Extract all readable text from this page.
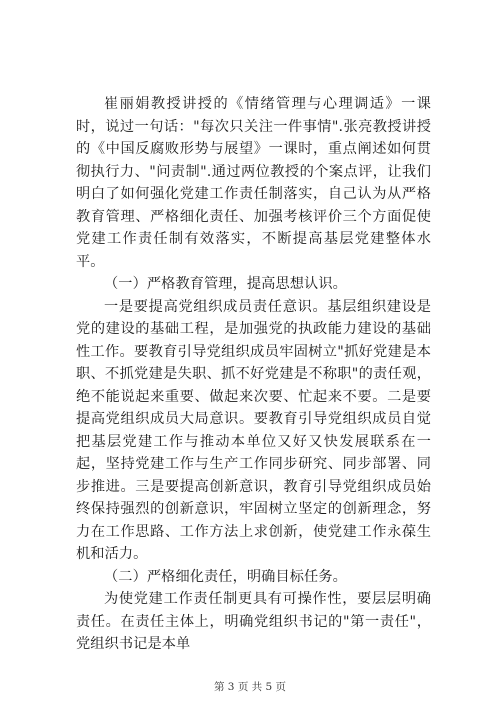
崔丽娟教授讲授的《情绪管理与心理调适》一课时，说过一句话："每次只关注一件事情".张亮教授讲授的《中国反腐败形势与展望》一课时，重点阐述如何贯彻执行力、"问责制".通过两位教授的个案点评，让我们明白了如何强化党建工作责任制落实，自己认为从严格教育管理、严格细化责任、加强考核评价三个方面促使党建工作责任制有效落实，不断提高基层党建整体水平。

（一）严格教育管理，提高思想认识。

一是要提高党组织成员责任意识。基层组织建设是党的建设的基础工程，是加强党的执政能力建设的基础性工作。要教育引导党组织成员牢固树立"抓好党建是本职、不抓党建是失职、抓不好党建是不称职"的责任观，绝不能说起来重要、做起来次要、忙起来不要。二是要提高党组织成员大局意识。要教育引导党组织成员自觉把基层党建工作与推动本单位又好又快发展联系在一起，坚持党建工作与生产工作同步研究、同步部署、同步推进。三是要提高创新意识，教育引导党组织成员始终保持强烈的创新意识，牢固树立坚定的创新理念，努力在工作思路、工作方法上求创新，使党建工作永葆生机和活力。

（二）严格细化责任，明确目标任务。

为使党建工作责任制更具有可操作性，要层层明确责任。在责任主体上，明确党组织书记的"第一责任"，党组织书记是本单

第 3 页 共 5 页
